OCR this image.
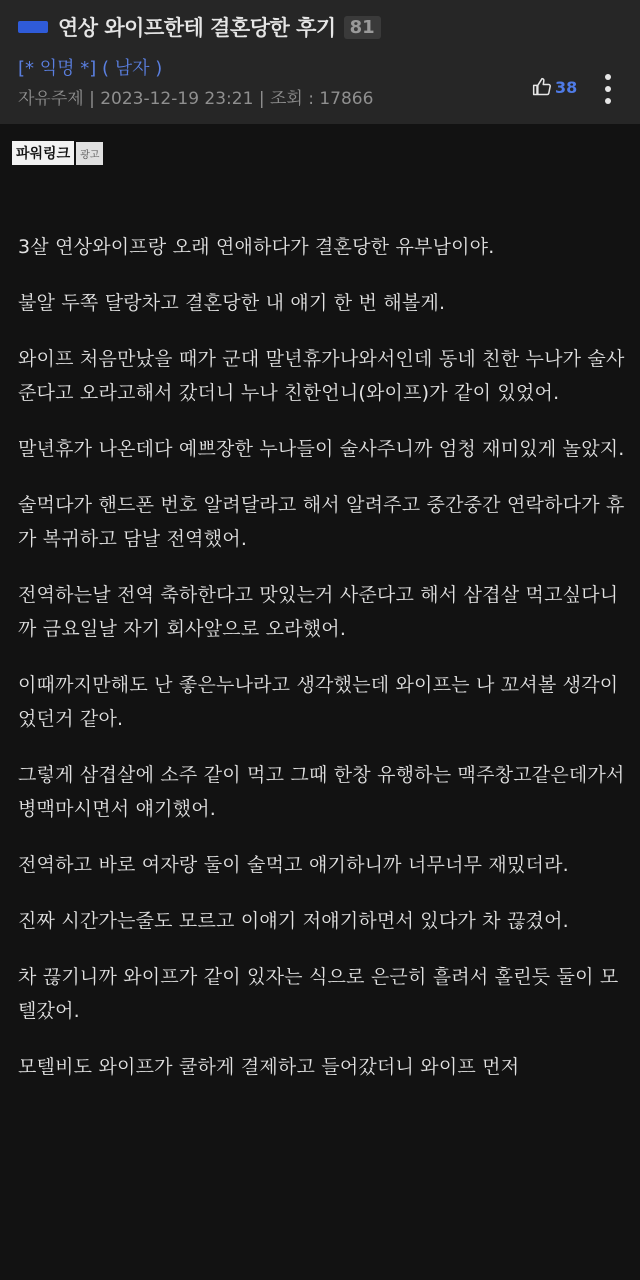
연상 와이프한테 결혼당한 후기 81
[* 익명 *] ( 남자 )
자유주제 | 2023-12-19 23:21 | 조회 : 17866
38
파워링크	광고

3살 연상와이프랑 오래 연애하다가 결혼당한 유부남이야.

불알 두쪽 달랑차고 결혼당한 내 얘기 한 번 해볼게.

와이프 처음만났을 때가 군대 말년휴가나와서인데 동네 친한 누나가 술사준다고 오라고해서 갔더니 누나 친한언니(와이프)가 같이 있었어.

말년휴가 나온데다 예쁘장한 누나들이 술사주니까 엄청 재미있게 놀았지.

술먹다가 핸드폰 번호 알려달라고 해서 알려주고 중간중간 연락하다가 휴가 복귀하고 담날 전역했어.

전역하는날 전역 축하한다고 맛있는거 사준다고 해서 삼겹살 먹고싶다니까 금요일날 자기 회사앞으로 오라했어.

이때까지만해도 난 좋은누나라고 생각했는데 와이프는 나 꼬셔볼 생각이었던거 같아.

그렇게 삼겹살에 소주 같이 먹고 그때 한창 유행하는 맥주창고같은데가서 병맥마시면서 얘기했어.

전역하고 바로 여자랑 둘이 술먹고 얘기하니까 너무너무 재밌더라.

진짜 시간가는줄도 모르고 이얘기 저얘기하면서 있다가 차 끊겼어.

차 끊기니까 와이프가 같이 있자는 식으로 은근히 흘려서 홀린듯 둘이 모텔갔어.

모텔비도 와이프가 쿨하게 결제하고 들어갔더니 와이프 먼저
